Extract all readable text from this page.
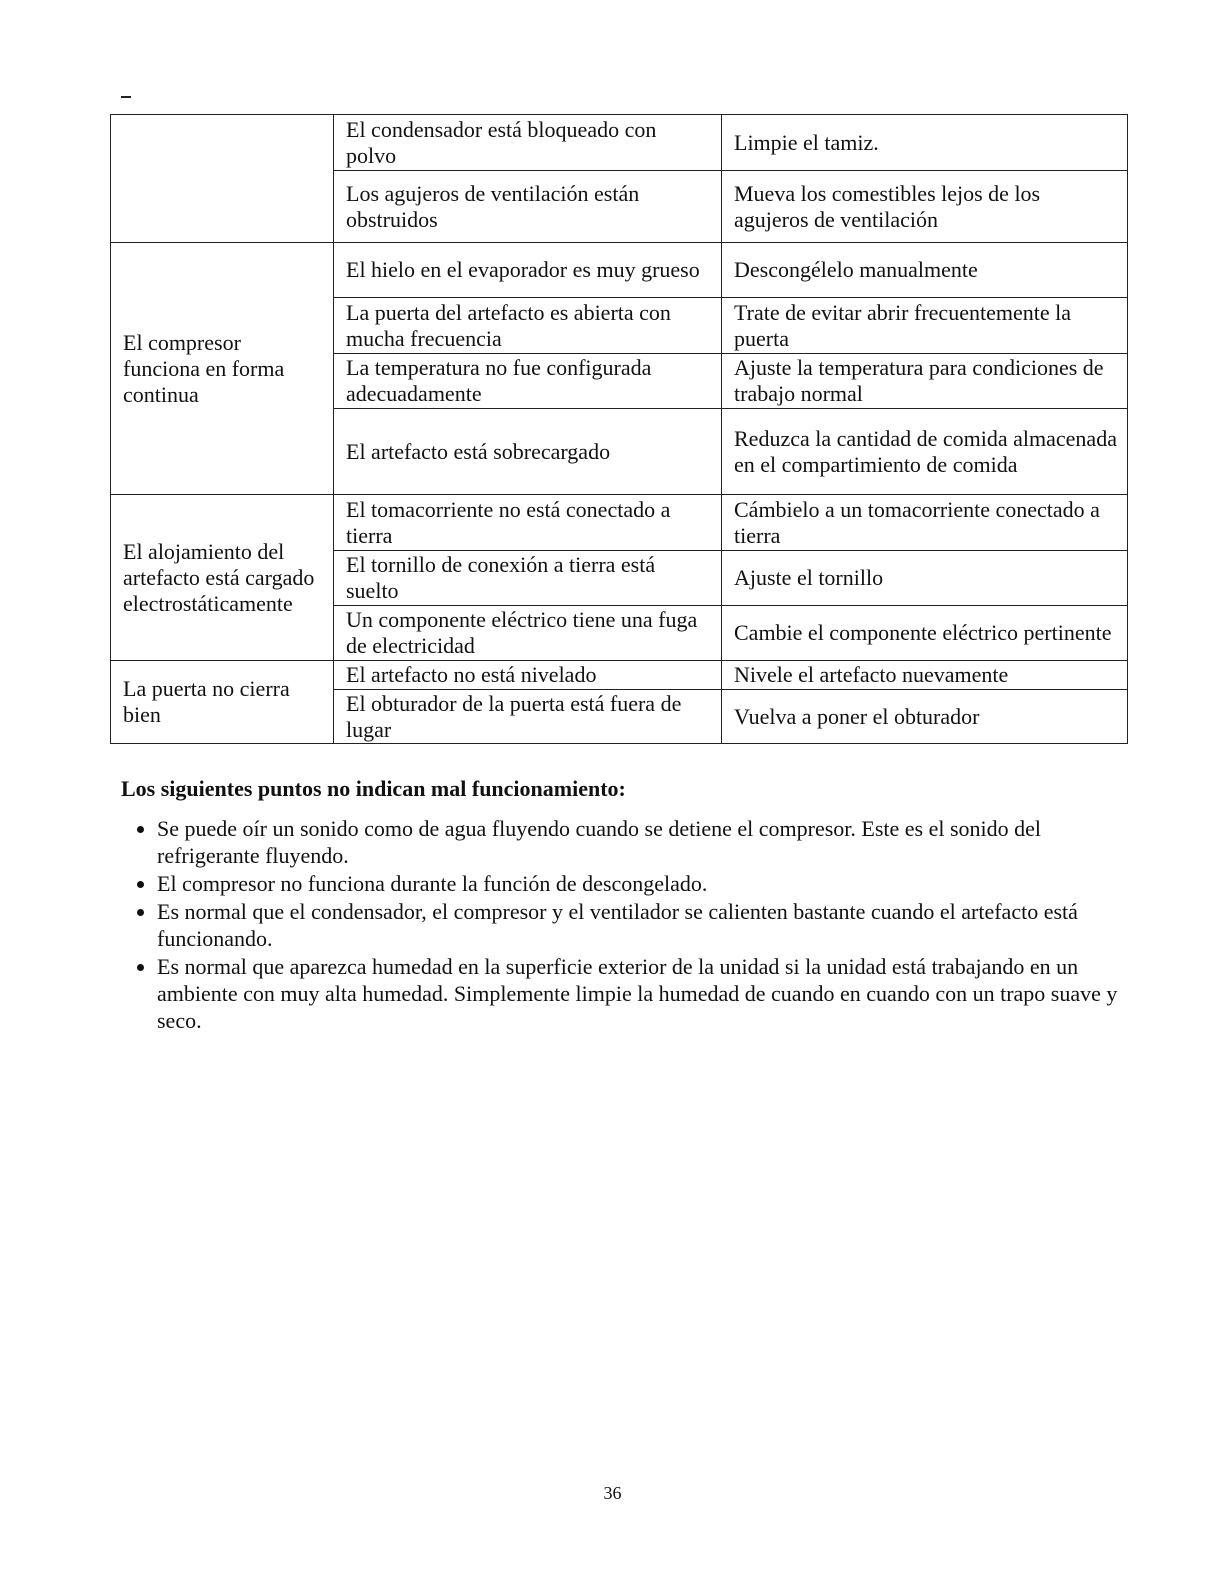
	El condensador está bloqueado con polvo	Limpie el tamiz.
	Los agujeros de ventilación están obstruidos	Mueva los comestibles lejos de los agujeros de ventilación
El compresor funciona en forma continua	El hielo en el evaporador es muy grueso	Descongélelo manualmente
	La puerta del artefacto es abierta con mucha frecuencia	Trate de evitar abrir frecuentemente la puerta
	La temperatura no fue configurada adecuadamente	Ajuste la temperatura para condiciones de trabajo normal
	El artefacto está sobrecargado	Reduzca la cantidad de comida almacenada en el compartimiento de comida
El alojamiento del artefacto está cargado electrostáticamente	El tomacorriente no está conectado a tierra	Cámbielo a un tomacorriente conectado a tierra
	El tornillo de conexión a tierra está suelto	Ajuste el tornillo
	Un componente eléctrico tiene una fuga de electricidad	Cambie el componente eléctrico pertinente
La puerta no cierra bien	El artefacto no está nivelado	Nivele el artefacto nuevamente
	El obturador de la puerta está fuera de lugar	Vuelva a poner el obturador

Los siguientes puntos no indican mal funcionamiento:

• Se puede oír un sonido como de agua fluyendo cuando se detiene el compresor. Este es el sonido del refrigerante fluyendo.
• El compresor no funciona durante la función de descongelado.
• Es normal que el condensador, el compresor y el ventilador se calienten bastante cuando el artefacto está funcionando.
• Es normal que aparezca humedad en la superficie exterior de la unidad si la unidad está trabajando en un ambiente con muy alta humedad. Simplemente limpie la humedad de cuando en cuando con un trapo suave y seco.
36
